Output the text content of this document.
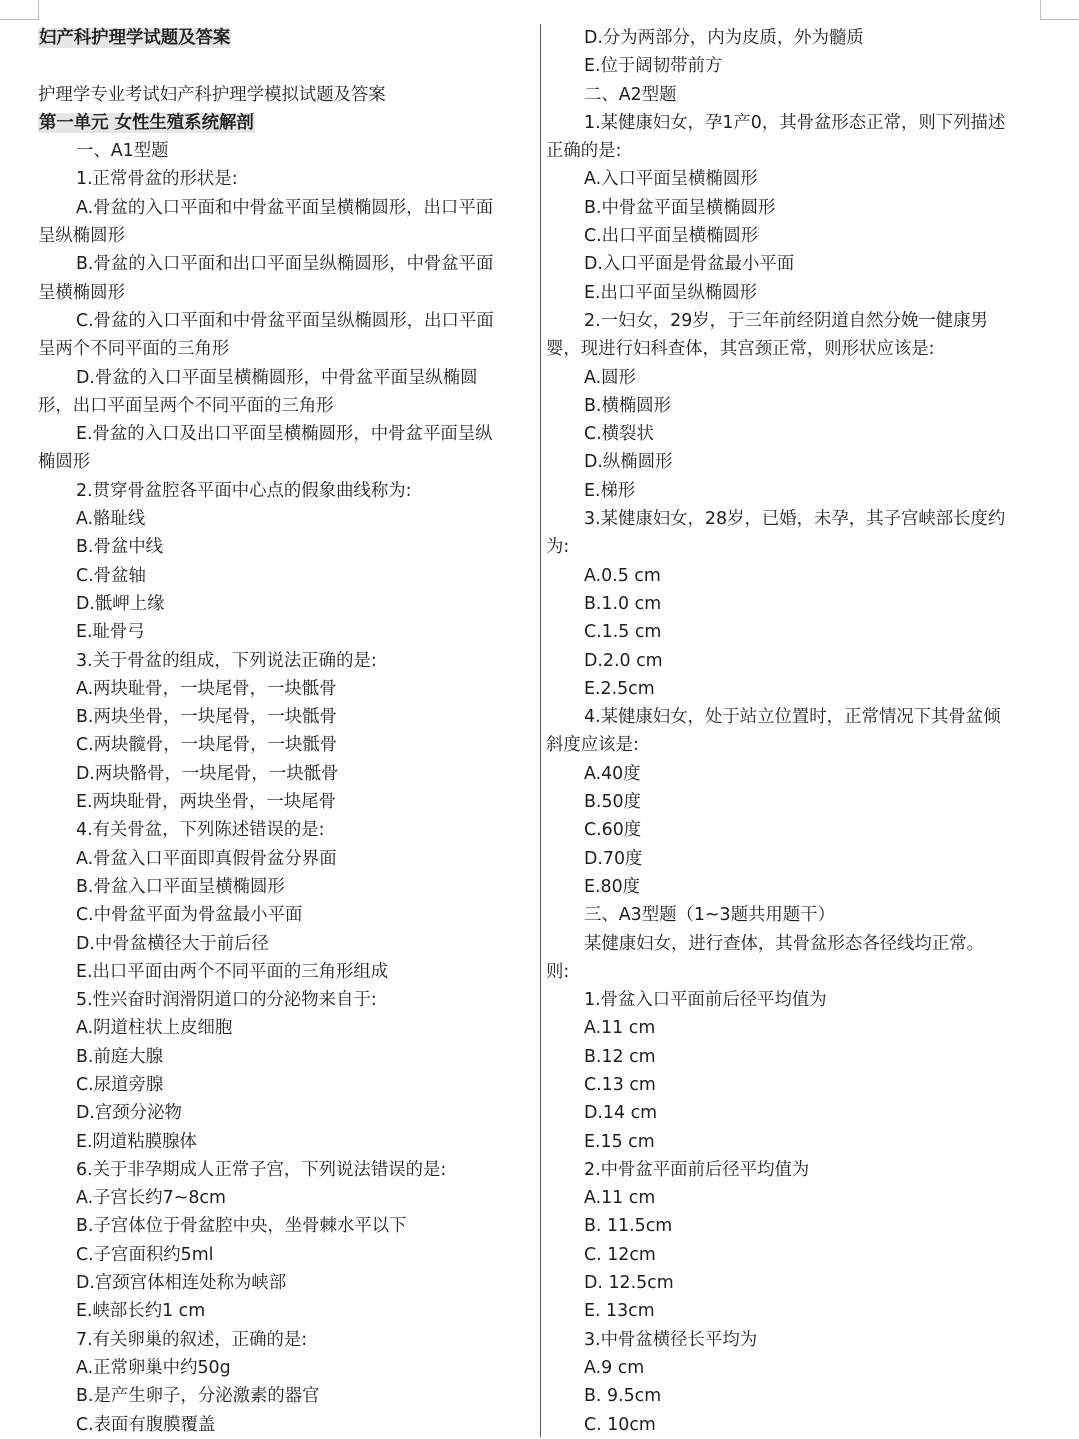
妇产科护理学试题及答案
护理学专业考试妇产科护理学模拟试题及答案
第一单元 女性生殖系统解剖
一、A1型题
1.正常骨盆的形状是:
A.骨盆的入口平面和中骨盆平面呈横椭圆形，出口平面
呈纵椭圆形
B.骨盆的入口平面和出口平面呈纵椭圆形，中骨盆平面
呈横椭圆形
C.骨盆的入口平面和中骨盆平面呈纵椭圆形，出口平面
呈两个不同平面的三角形
D.骨盆的入口平面呈横椭圆形，中骨盆平面呈纵椭圆
形，出口平面呈两个不同平面的三角形
E.骨盆的入口及出口平面呈横椭圆形，中骨盆平面呈纵
椭圆形
2.贯穿骨盆腔各平面中心点的假象曲线称为:
A.骼耻线
B.骨盆中线
C.骨盆轴
D.骶岬上缘
E.耻骨弓
3.关于骨盆的组成，下列说法正确的是:
A.两块耻骨，一块尾骨，一块骶骨
B.两块坐骨，一块尾骨，一块骶骨
C.两块髋骨，一块尾骨，一块骶骨
D.两块骼骨，一块尾骨，一块骶骨
E.两块耻骨，两块坐骨，一块尾骨
4.有关骨盆，下列陈述错误的是:
A.骨盆入口平面即真假骨盆分界面
B.骨盆入口平面呈横椭圆形
C.中骨盆平面为骨盆最小平面
D.中骨盆横径大于前后径
E.出口平面由两个不同平面的三角形组成
5.性兴奋时润滑阴道口的分泌物来自于:
A.阴道柱状上皮细胞
B.前庭大腺
C.尿道旁腺
D.宫颈分泌物
E.阴道粘膜腺体
6.关于非孕期成人正常子宫，下列说法错误的是:
A.子宫长约7~8cm
B.子宫体位于骨盆腔中央，坐骨棘水平以下
C.子宫面积约5ml
D.宫颈宫体相连处称为峡部
E.峡部长约1 cm
7.有关卵巢的叙述，正确的是:
A.正常卵巢中约50g
B.是产生卵子，分泌激素的器官
C.表面有腹膜覆盖
D.分为两部分，内为皮质，外为髓质
E.位于阔韧带前方
二、A2型题
1.某健康妇女，孕1产0，其骨盆形态正常，则下列描述
正确的是:
A.入口平面呈横椭圆形
B.中骨盆平面呈横椭圆形
C.出口平面呈横椭圆形
D.入口平面是骨盆最小平面
E.出口平面呈纵椭圆形
2.一妇女，29岁，于三年前经阴道自然分娩一健康男
婴，现进行妇科查体，其宫颈正常，则形状应该是:
A.圆形
B.横椭圆形
C.横裂状
D.纵椭圆形
E.梯形
3.某健康妇女，28岁，已婚，未孕，其子宫峡部长度约
为:
A.0.5 cm
B.1.0 cm
C.1.5 cm
D.2.0 cm
E.2.5cm
4.某健康妇女，处于站立位置时，正常情况下其骨盆倾
斜度应该是:
A.40度
B.50度
C.60度
D.70度
E.80度
三、A3型题（1~3题共用题干）
某健康妇女，进行查体，其骨盆形态各径线均正常。
则:
1.骨盆入口平面前后径平均值为
A.11 cm
B.12 cm
C.13 cm
D.14 cm
E.15 cm
2.中骨盆平面前后径平均值为
A.11 cm
B. 11.5cm
C. 12cm
D. 12.5cm
E. 13cm
3.中骨盆横径长平均为
A.9 cm
B. 9.5cm
C. 10cm
